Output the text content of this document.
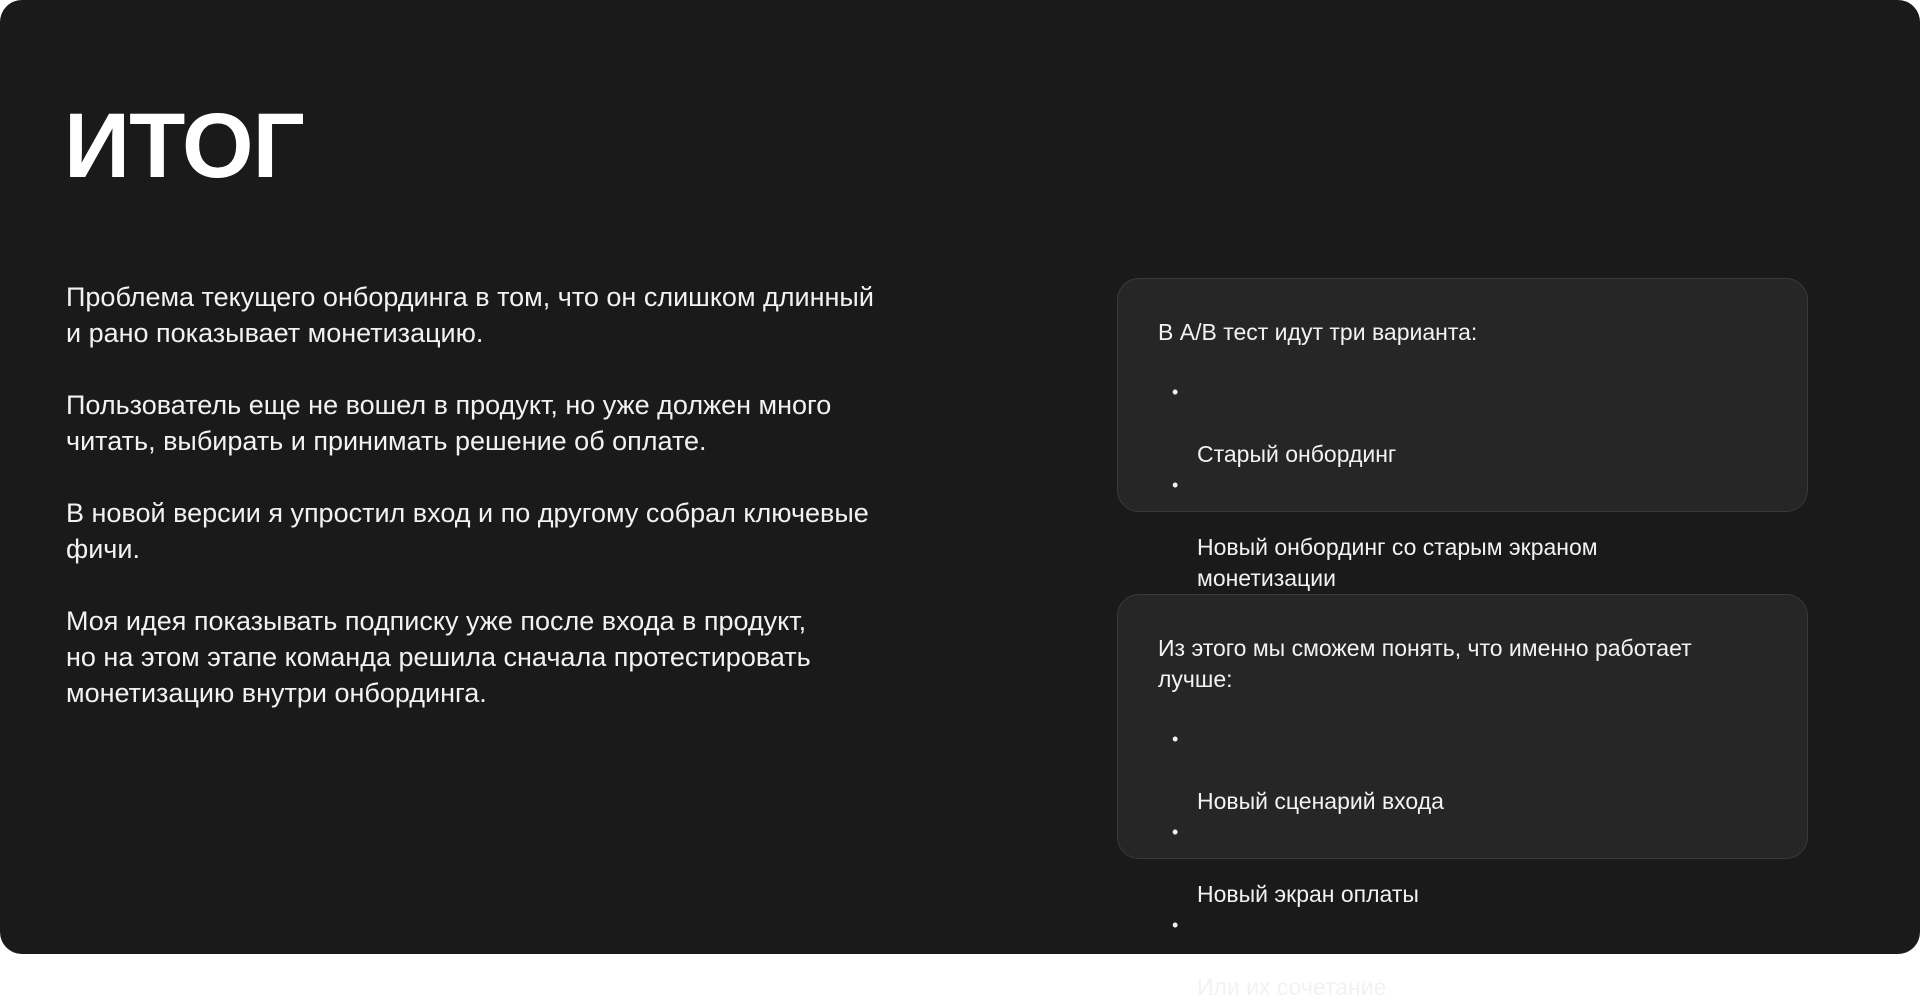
ИТОГ

Проблема текущего онбординга в том, что он слишком длинный
и рано показывает монетизацию.

Пользователь еще не вошел в продукт, но уже должен много
читать, выбирать и принимать решение об оплате.

В новой версии я упростил вход и по другому собрал ключевые
фичи.

Моя идея показывать подписку уже после входа в продукт,
но на этом этапе команда решила сначала протестировать
монетизацию внутри онбординга.

В А/В тест идут три варианта:

•

Старый онбординг

•

Новый онбординг со старым экраном
монетизации

Из этого мы сможем понять, что именно работает
лучше:

•

Новый сценарий входа

•

Новый экран оплаты

•

Или их сочетание
